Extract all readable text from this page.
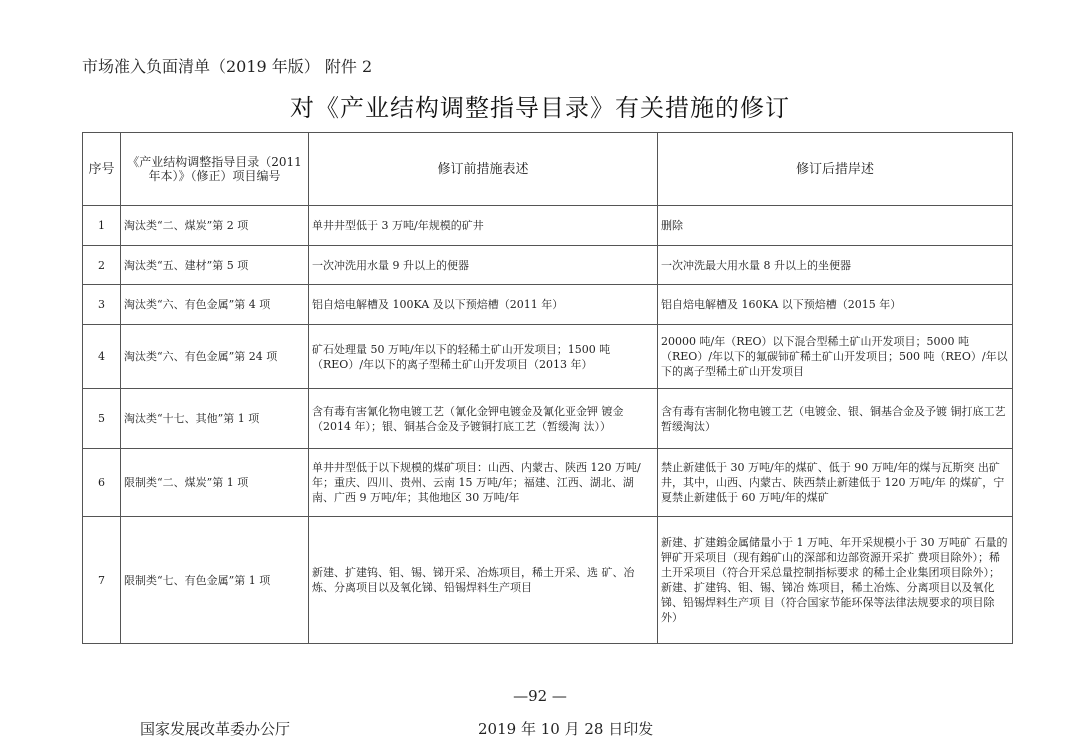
市场准入负面清单（2019 年版） 附件 2
对《产业结构调整指导目录》有关措施的修订
序号	《产业结构调整指导目录（2011 年本）》（修正）项目编号	修订前措施表述	修订后措岸述
1	淘汰类“二、煤炭”第 2 项	单井井型低于 3 万吨/年规模的矿井	删除
2	淘汰类“五、建材”第 5 项	一次冲洗用水量 9 升以上的便器	一次冲洗最大用水量 8 升以上的坐便器
3	淘汰类“六、有色金属”第 4 项	铝自焙电解槽及 100KA 及以下预焙槽（2011 年）	铝自焙电解槽及 160KA 以下预焙槽（2015 年）
4	淘汰类“六、有色金属”第 24 项	矿石处理量 50 万吨/年以下的轻稀土矿山开发项目；1500 吨（REO）/年以下的离子型稀土矿山开发项目（2013 年）	20000 吨/年（REO）以下混合型稀土矿山开发项目；5000 吨（REO）/年以下的氟碳铈矿稀土矿山开发项目；500 吨（REO）/年以下的离子型稀土矿山开发项目
5	淘汰类“十七、其他”第 1 项	含有毒有害氰化物电镀工艺（氰化金钾电镀金及氰化亚金钾 镀金（2014 年）；银、铜基合金及予镀铜打底工艺（暂缓淘 汰））	含有毒有害制化物电镀工艺（电镀金、银、铜基合金及予镀 铜打底工艺暂缓淘汰）
6	限制类“二、煤炭”第 1 项	单井井型低于以下规模的煤矿项目：山西、内蒙古、陕西 120 万吨/年；重庆、四川、贵州、云南 15 万吨/年；福建、江西、湖北、湖南、广西 9 万吨/年；其他地区 30 万吨/年	禁止新建低于 30 万吨/年的煤矿、低于 90 万吨/年的煤与瓦斯突 出矿井，其中，山西、内蒙古、陕西禁止新建低于 120 万吨/年 的煤矿，宁夏禁止新建低于 60 万吨/年的煤矿
7	限制类“七、有色金属”第 1 项	新建、扩建钨、钼、锡、锑开采、冶炼项目，稀土开采、选 矿、冶炼、分离项目以及氧化锑、铅锡焊料生产项目	新建、扩建鎢金属储量小于 1 万吨、年开采规模小于 30 万吨矿 石量的钾矿开采项目（现有鎢矿山的深部和边部资源开采扩 费项目除外）；稀土开采项目（符合开采总量控制指标要求 的稀土企业集团项目除外）；新建、扩建钨、钼、锡、锑冶 炼项目，稀土冶炼、分离项目以及氧化锑、铅锡焊料生产项 目（符合国家节能环保等法律法规要求的项目除外）
—92 —
国家发展改革委办公厅	2019 年 10 月 28 日印发
